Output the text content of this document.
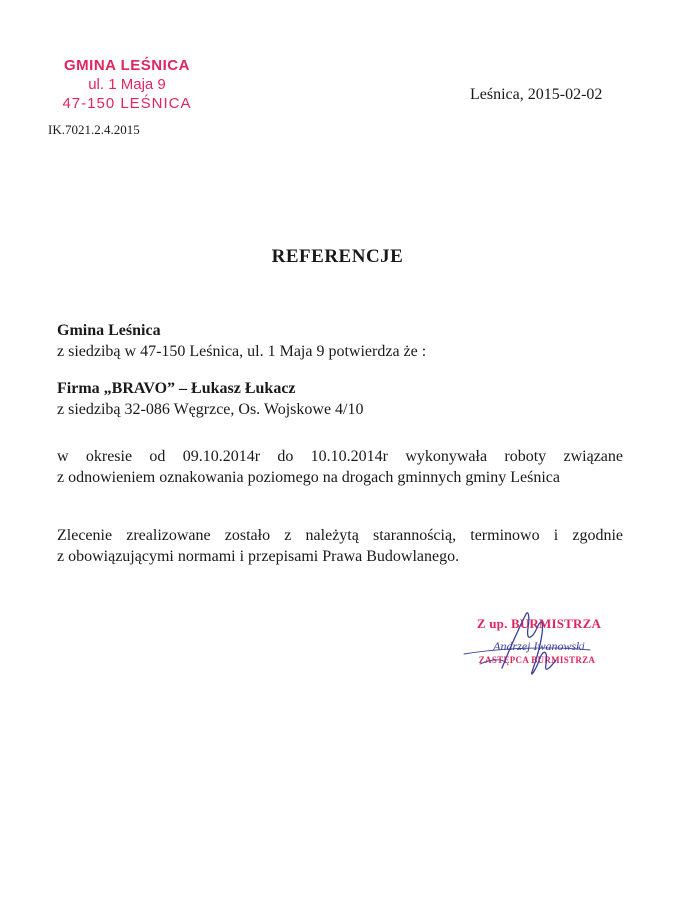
GMINA LEŚNICA
ul. 1 Maja 9
47-150 LEŚNICA
Leśnica, 2015-02-02
IK.7021.2.4.2015
REFERENCJE
Gmina Leśnica
z siedzibą w 47-150 Leśnica, ul. 1 Maja 9 potwierdza że :
Firma „BRAVO” – Łukasz Łukacz
z siedzibą 32-086 Węgrzce, Os. Wojskowe 4/10
w okresie od 09.10.2014r do 10.10.2014r wykonywała roboty związane
z odnowieniem oznakowania poziomego na drogach gminnych gminy Leśnica
Zlecenie zrealizowane zostało z należytą starannością, terminowo i zgodnie
z obowiązującymi normami i przepisami Prawa Budowlanego.
Z up. BURMISTRZA
Andrzej Iwanowski
ZASTĘPCA BURMISTRZA
